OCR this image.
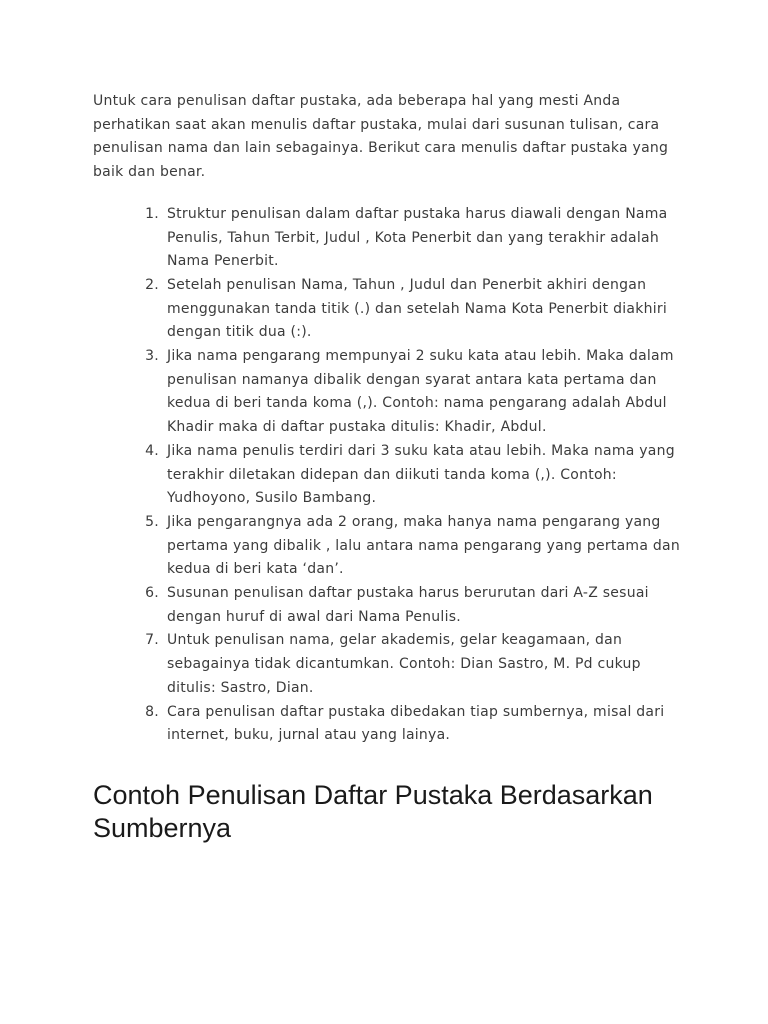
Untuk cara penulisan daftar pustaka, ada beberapa hal yang mesti Anda perhatikan saat akan menulis daftar pustaka, mulai dari susunan tulisan, cara penulisan nama dan lain sebagainya. Berikut cara menulis daftar pustaka yang baik dan benar.

1. Struktur penulisan dalam daftar pustaka harus diawali dengan Nama Penulis, Tahun Terbit, Judul , Kota Penerbit dan yang terakhir adalah Nama Penerbit.
2. Setelah penulisan Nama, Tahun , Judul dan Penerbit akhiri dengan menggunakan tanda titik (.) dan setelah Nama Kota Penerbit diakhiri dengan titik dua (:).
3. Jika nama pengarang mempunyai 2 suku kata atau lebih. Maka dalam penulisan namanya dibalik dengan syarat antara kata pertama dan kedua di beri tanda koma (,). Contoh: nama pengarang adalah Abdul Khadir maka di daftar pustaka ditulis: Khadir, Abdul.
4. Jika nama penulis terdiri dari 3 suku kata atau lebih. Maka nama yang terakhir diletakan didepan dan diikuti tanda koma (,). Contoh: Yudhoyono, Susilo Bambang.
5. Jika pengarangnya ada 2 orang, maka hanya nama pengarang yang pertama yang dibalik , lalu antara nama pengarang yang pertama dan kedua di beri kata ‘dan’.
6. Susunan penulisan daftar pustaka harus berurutan dari A-Z sesuai dengan huruf di awal dari Nama Penulis.
7. Untuk penulisan nama, gelar akademis, gelar keagamaan, dan sebagainya tidak dicantumkan. Contoh: Dian Sastro, M. Pd cukup ditulis: Sastro, Dian.
8. Cara penulisan daftar pustaka dibedakan tiap sumbernya, misal dari internet, buku, jurnal atau yang lainya.
Contoh Penulisan Daftar Pustaka Berdasarkan Sumbernya
